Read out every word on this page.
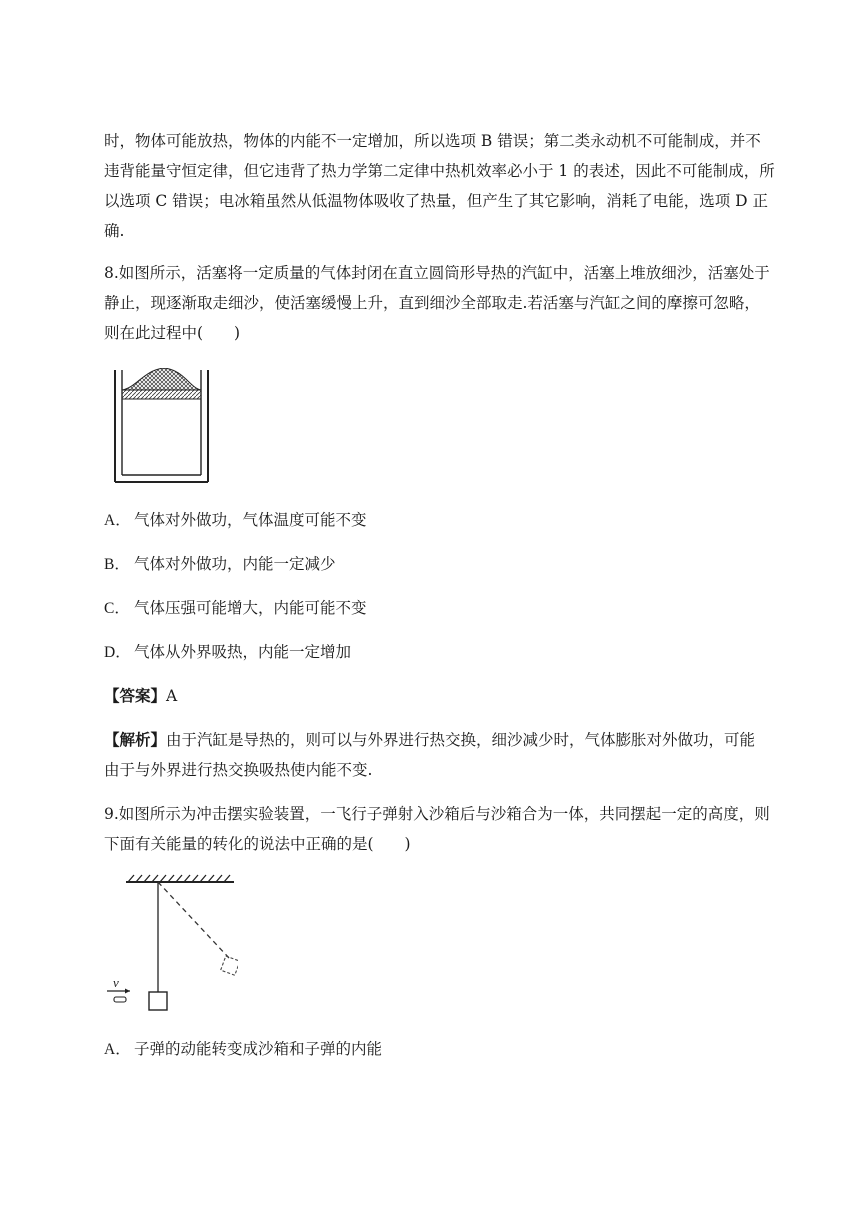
时，物体可能放热，物体的内能不一定增加，所以选项 B 错误；第二类永动机不可能制成，并不
违背能量守恒定律，但它违背了热力学第二定律中热机效率必小于 1 的表述，因此不可能制成，所
以选项 C 错误；电冰箱虽然从低温物体吸收了热量，但产生了其它影响，消耗了电能，选项 D 正
确.
8.如图所示，活塞将一定质量的气体封闭在直立圆筒形导热的汽缸中，活塞上堆放细沙，活塞处于
静止，现逐渐取走细沙，使活塞缓慢上升，直到细沙全部取走.若活塞与汽缸之间的摩擦可忽略，
则在此过程中(　　)
A． 气体对外做功，气体温度可能不变
B． 气体对外做功，内能一定减少
C． 气体压强可能增大，内能可能不变
D． 气体从外界吸热，内能一定增加
【答案】A
【解析】由于汽缸是导热的，则可以与外界进行热交换，细沙减少时，气体膨胀对外做功，可能
由于与外界进行热交换吸热使内能不变.
9.如图所示为冲击摆实验装置，一飞行子弹射入沙箱后与沙箱合为一体，共同摆起一定的高度，则
下面有关能量的转化的说法中正确的是(　　)
v
A． 子弹的动能转变成沙箱和子弹的内能
